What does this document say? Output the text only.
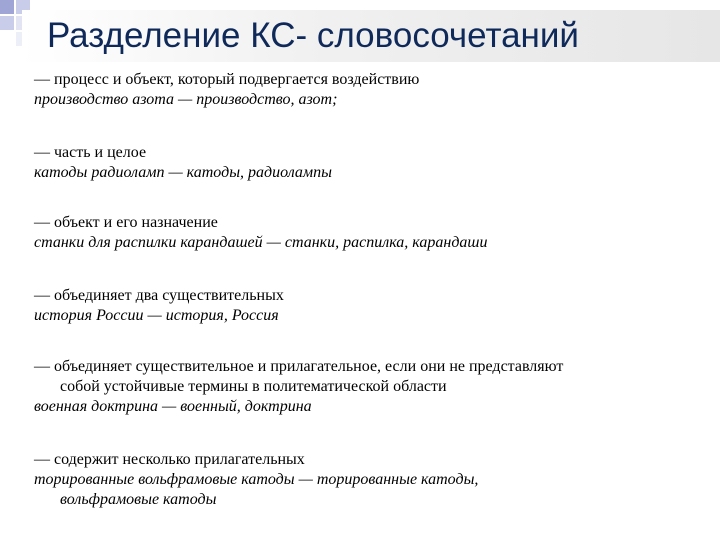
Разделение КС- словосочетаний
— процесс и объект, который подвергается воздействию
производство азота — производство, азот;
— часть и целое
катоды радиоламп — катоды, радиолампы
— объект и его назначение
станки для распилки карандашей — станки, распилка, карандаши
— объединяет два существительных
история России — история, Россия
— объединяет существительное и прилагательное, если они не представляют
собой устойчивые термины в политематической области
военная доктрина — военный, доктрина
— содержит несколько прилагательных
торированные вольфрамовые катоды — торированные катоды,
вольфрамовые катоды
